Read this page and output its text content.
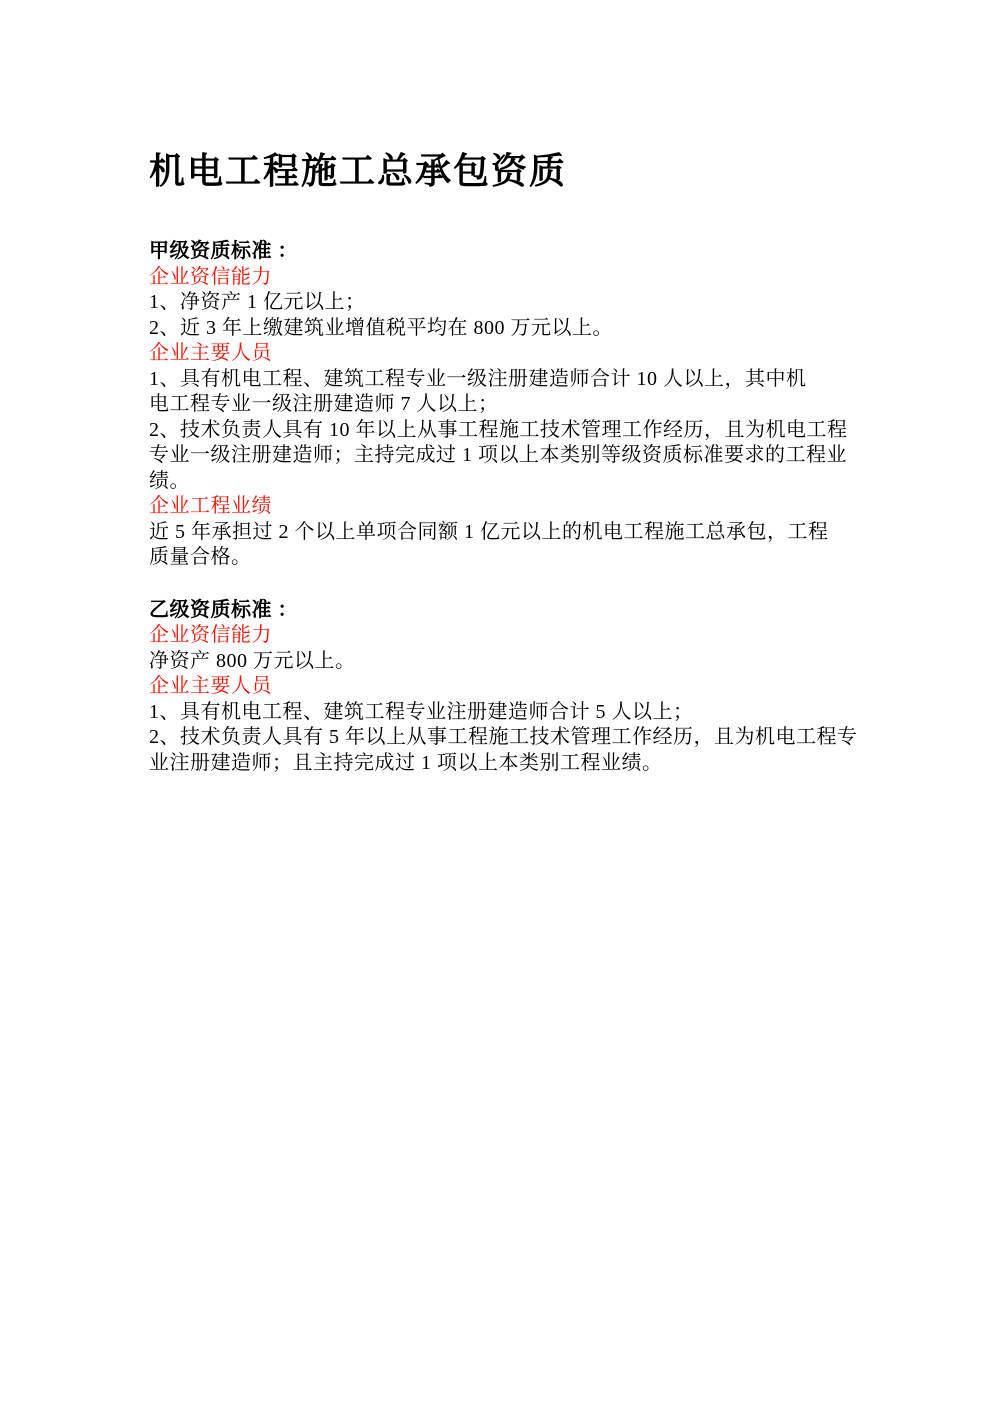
机电工程施工总承包资质
甲级资质标准 ：
企业资信能力
1、净资产 1 亿元以上；
2、近 3 年上缴建筑业增值税平均在 800 万元以上。
企业主要人员
1、具有机电工程、建筑工程专业一级注册建造师合计 10 人以上，其中机
电工程专业一级注册建造师 7 人以上；
2、技术负责人具有 10 年以上从事工程施工技术管理工作经历，且为机电工程
专业一级注册建造师；主持完成过 1 项以上本类别等级资质标准要求的工程业
绩。
企业工程业绩
近 5 年承担过 2 个以上单项合同额 1 亿元以上的机电工程施工总承包，工程
质量合格。
乙级资质标准 ：
企业资信能力
净资产 800 万元以上。
企业主要人员
1、具有机电工程、建筑工程专业注册建造师合计 5 人以上；
2、技术负责人具有 5 年以上从事工程施工技术管理工作经历，且为机电工程专
业注册建造师；且主持完成过 1 项以上本类别工程业绩。
